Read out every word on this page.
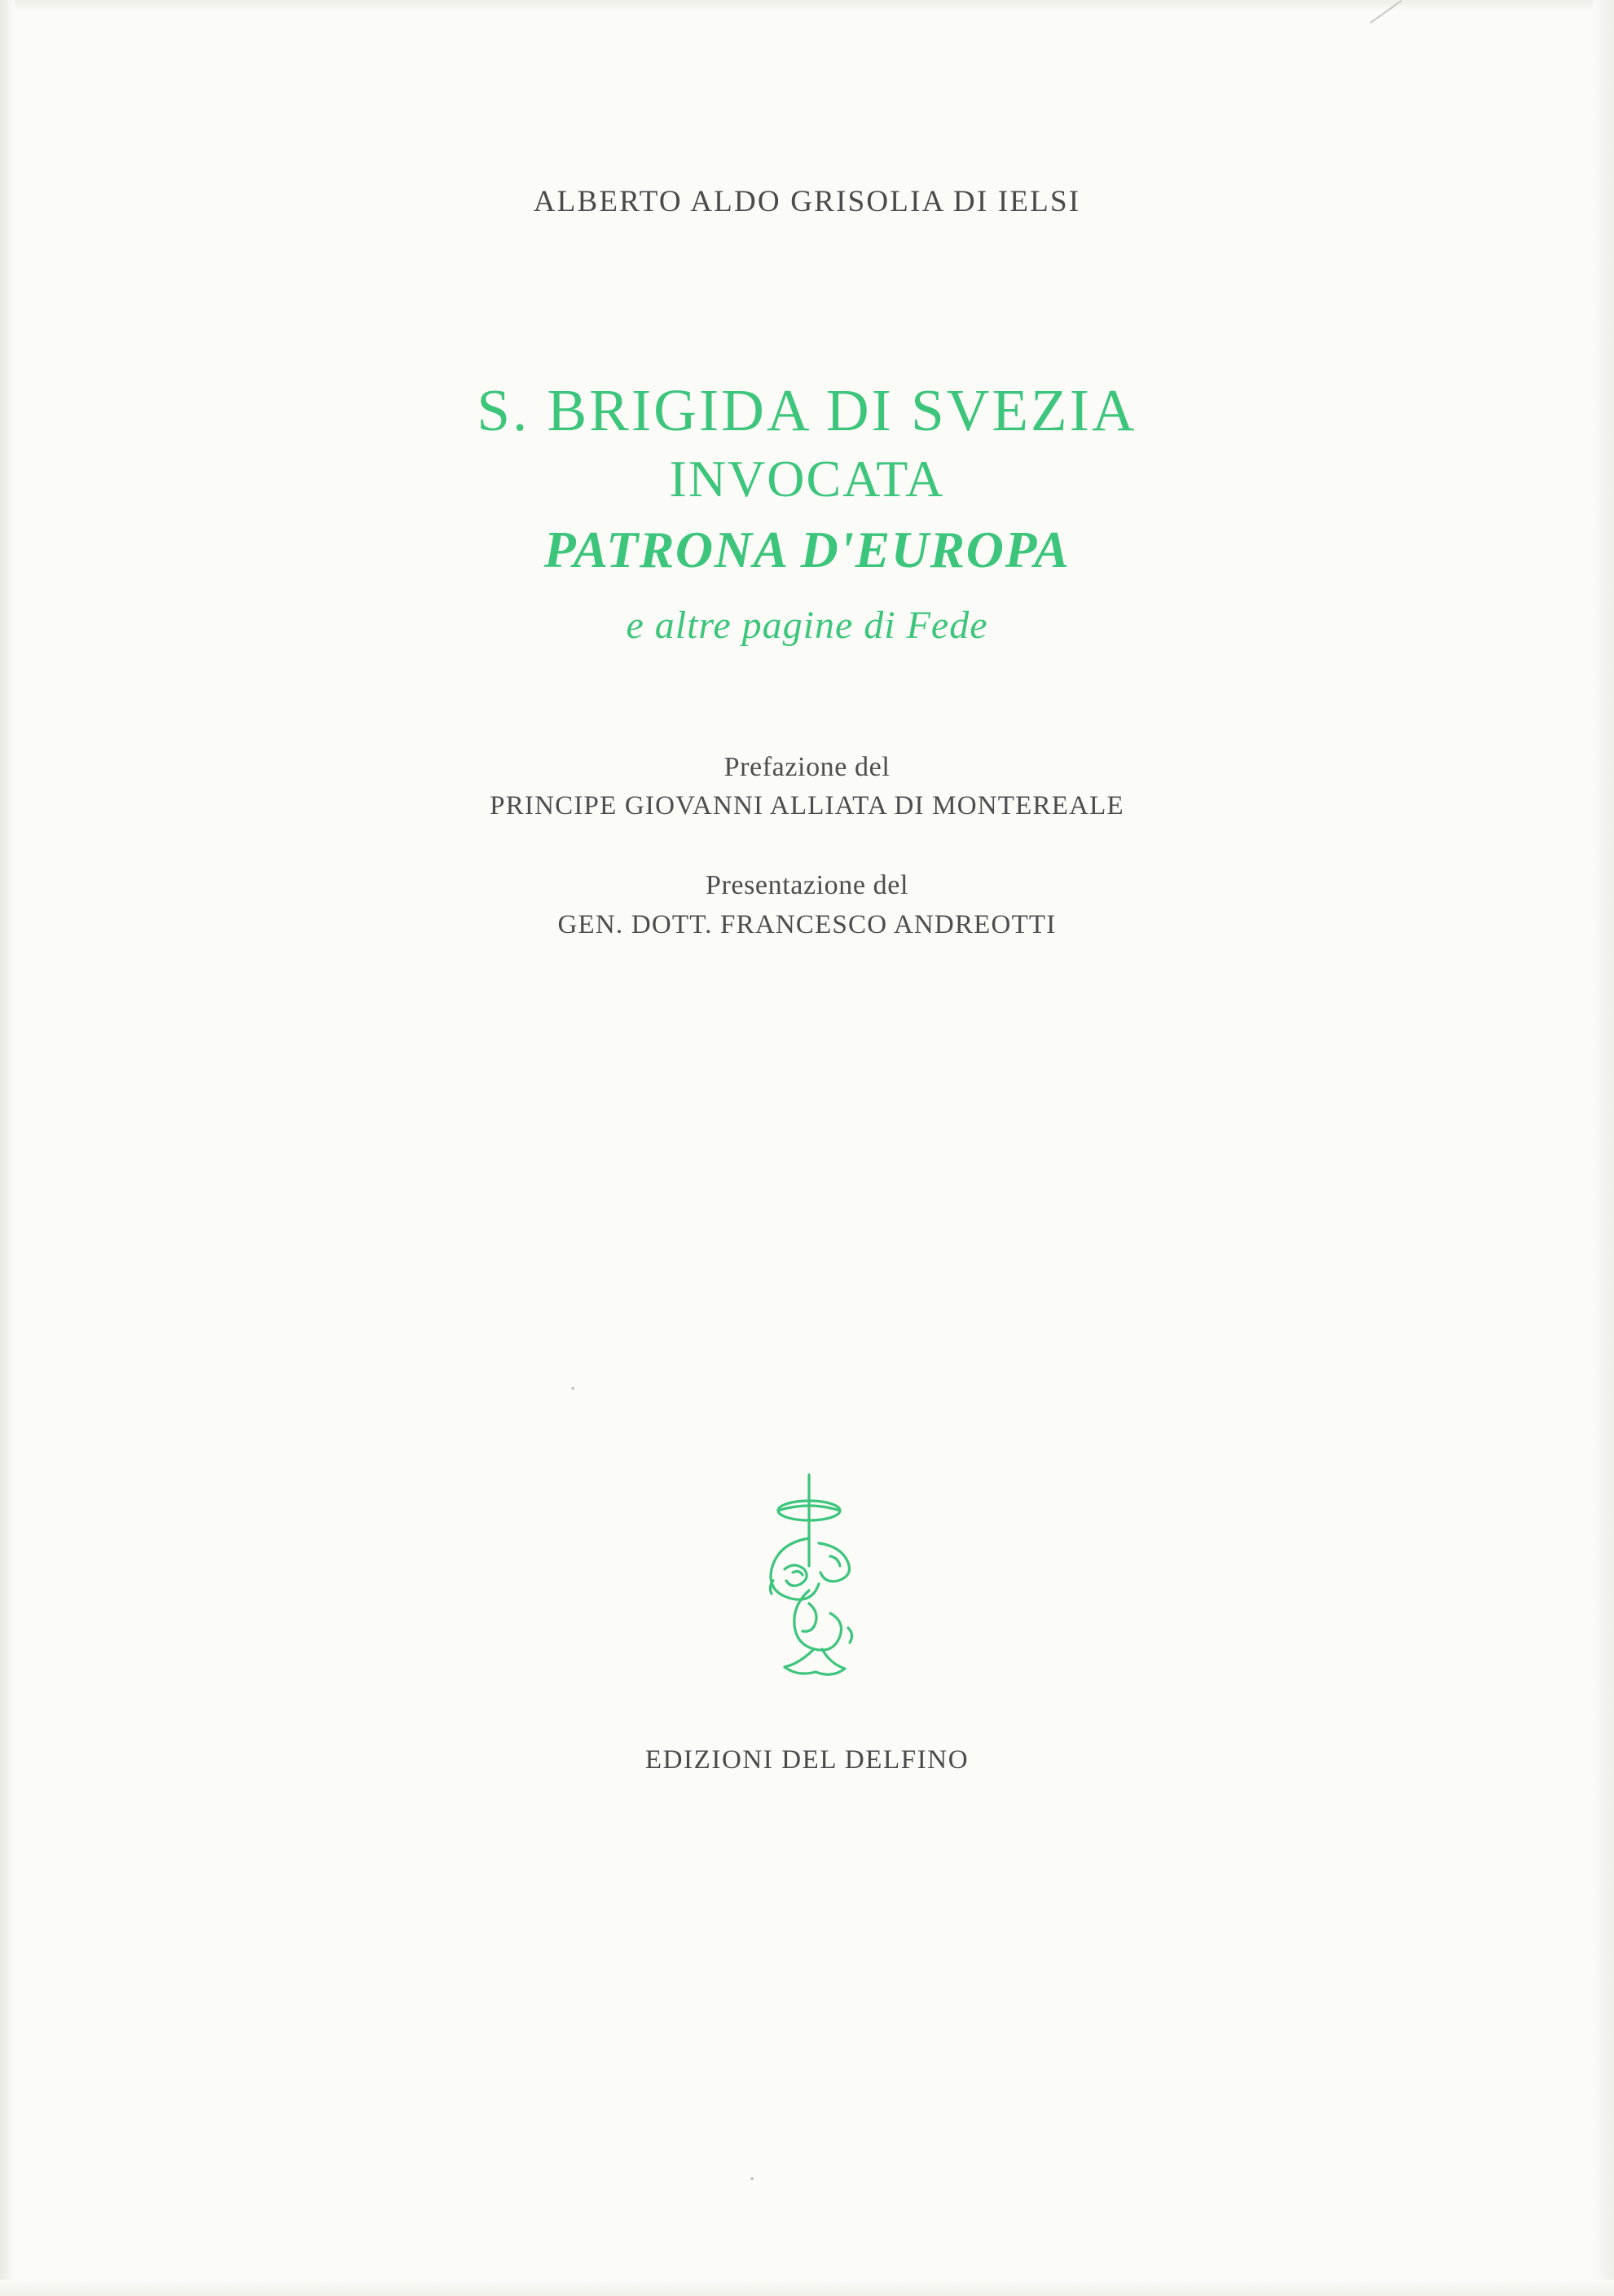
ALBERTO ALDO GRISOLIA DI IELSI
S. BRIGIDA DI SVEZIA
INVOCATA
PATRONA D'EUROPA
e altre pagine di Fede
Prefazione del
PRINCIPE GIOVANNI ALLIATA DI MONTEREALE
Presentazione del
GEN. DOTT. FRANCESCO ANDREOTTI
EDIZIONI DEL DELFINO
ꞏ
ꞏ
